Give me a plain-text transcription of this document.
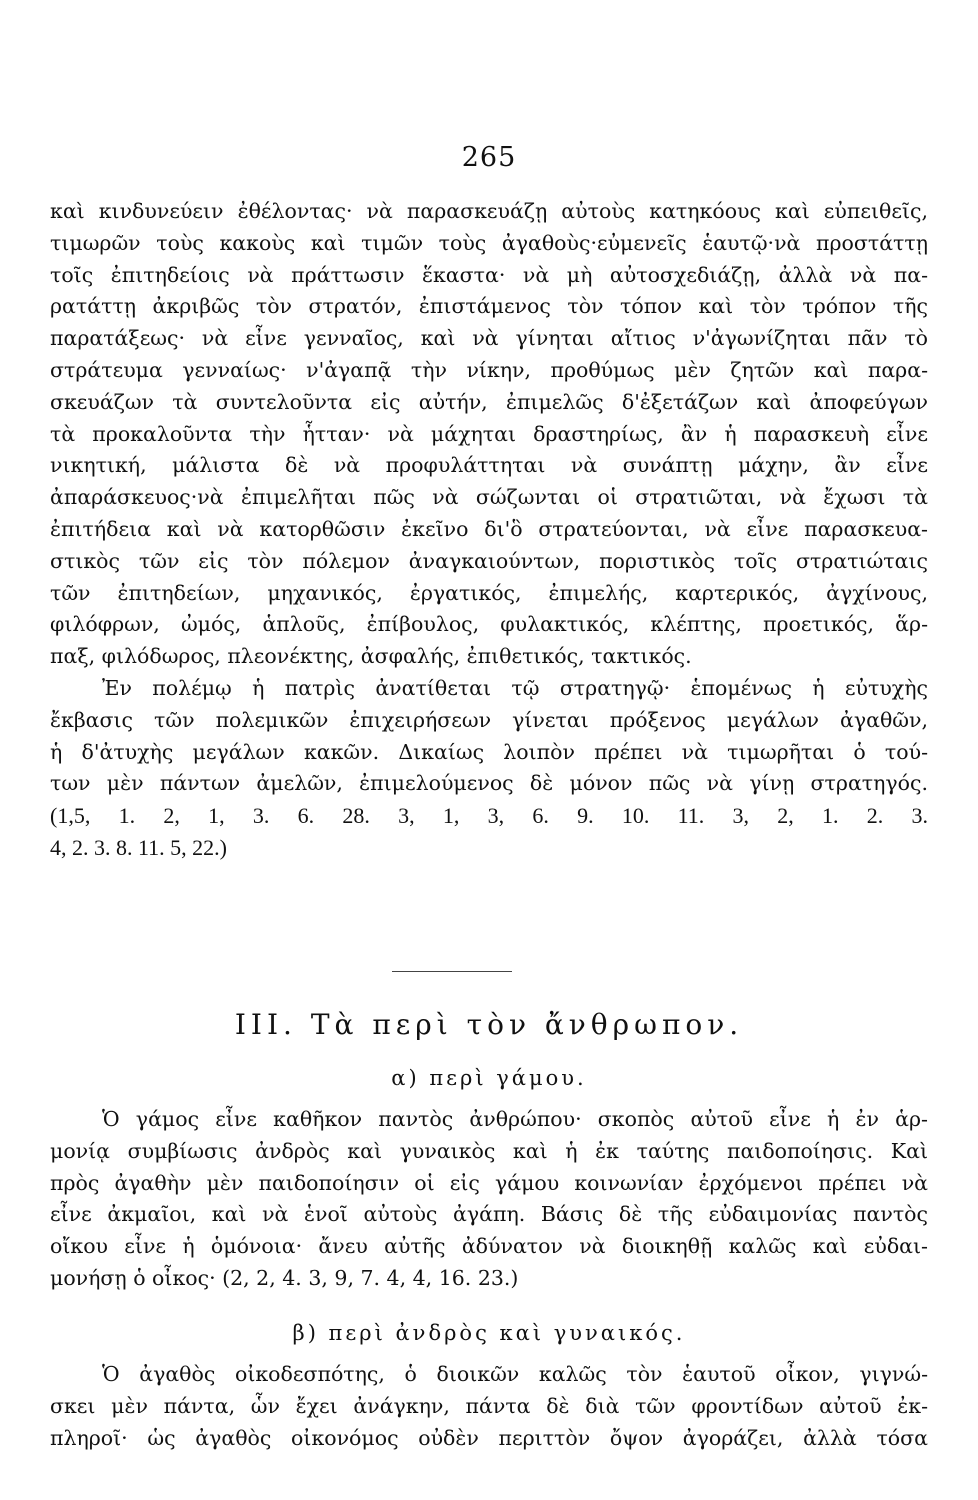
265
καὶ κινδυνεύειν ἐθέλοντας· νὰ παρασκευάζῃ αὐτοὺς κατηκόους καὶ εὐπειθεῖς,
τιμωρῶν τοὺς κακοὺς καὶ τιμῶν τοὺς ἀγαθοὺς·εὐμενεῖς ἑαυτῷ·νὰ προστάττῃ
τοῖς ἐπιτηδείοις νὰ πράττωσιν ἕκαστα· νὰ μὴ αὐτοσχεδιάζῃ, ἀλλὰ νὰ πα-
ρατάττῃ ἀκριβῶς τὸν στρατόν, ἐπιστάμενος τὸν τόπον καὶ τὸν τρόπον τῆς
παρατάξεως· νὰ εἶνε γενναῖος, καὶ νὰ γίνηται αἴτιος ν'ἀγωνίζηται πᾶν τὸ
στράτευμα γενναίως· ν'ἀγαπᾷ τὴν νίκην, προθύμως μὲν ζητῶν καὶ παρα-
σκευάζων τὰ συντελοῦντα εἰς αὐτήν, ἐπιμελῶς δ'ἐξετάζων καὶ ἀποφεύγων
τὰ προκαλοῦντα τὴν ἧτταν· νὰ μάχηται δραστηρίως, ἂν ἡ παρασκευὴ εἶνε
νικητική, μάλιστα δὲ νὰ προφυλάττηται νὰ συνάπτῃ μάχην, ἂν εἶνε
ἀπαράσκευος·νὰ ἐπιμελῆται πῶς νὰ σώζωνται οἱ στρατιῶται, νὰ ἔχωσι τὰ
ἐπιτήδεια καὶ νὰ κατορθῶσιν ἐκεῖνο δι'ὃ στρατεύονται, νὰ εἶνε παρασκευα-
στικὸς τῶν εἰς τὸν πόλεμον ἀναγκαιούντων, ποριστικὸς τοῖς στρατιώταις
τῶν ἐπιτηδείων, μηχανικός, ἐργατικός, ἐπιμελής, καρτερικός, ἀγχίνους,
φιλόφρων, ὠμός, ἁπλοῦς, ἐπίβουλος, φυλακτικός, κλέπτης, προετικός, ἅρ-
παξ, φιλόδωρος, πλεονέκτης, ἀσφαλής, ἐπιθετικός, τακτικός.
Ἐν πολέμῳ ἡ πατρὶς ἀνατίθεται τῷ στρατηγῷ· ἑπομένως ἡ εὐτυχὴς
ἔκβασις τῶν πολεμικῶν ἐπιχειρήσεων γίνεται πρόξενος μεγάλων ἀγαθῶν,
ἡ δ'ἀτυχὴς μεγάλων κακῶν. Δικαίως λοιπὸν πρέπει νὰ τιμωρῆται ὁ τού-
των μὲν πάντων ἀμελῶν, ἐπιμελούμενος δὲ μόνον πῶς νὰ γίνῃ στρατηγός.
(1,5, 1. 2, 1, 3. 6. 28. 3, 1, 3, 6. 9. 10. 11. 3, 2, 1. 2. 3.
4, 2. 3. 8. 11. 5, 22.)
ΙΙΙ. Τὰ περὶ τὸν ἄνθρωπον.
α) περὶ γάμου.
Ὁ γάμος εἶνε καθῆκον παντὸς ἀνθρώπου· σκοπὸς αὐτοῦ εἶνε ἡ ἐν ἁρ-
μονίᾳ συμβίωσις ἀνδρὸς καὶ γυναικὸς καὶ ἡ ἐκ ταύτης παιδοποίησις. Καὶ
πρὸς ἀγαθὴν μὲν παιδοποίησιν οἱ εἰς γάμου κοινωνίαν ἐρχόμενοι πρέπει νὰ
εἶνε ἀκμαῖοι, καὶ νὰ ἑνοῖ αὐτοὺς ἀγάπη. Βάσις δὲ τῆς εὐδαιμονίας παντὸς
οἴκου εἶνε ἡ ὁμόνοια· ἄνευ αὐτῆς ἀδύνατον νὰ διοικηθῇ καλῶς καὶ εὐδαι-
μονήσῃ ὁ οἶκος· (2, 2, 4. 3, 9, 7. 4, 4, 16. 23.)
β) περὶ ἀνδρὸς καὶ γυναικός.
Ὁ ἀγαθὸς οἰκοδεσπότης, ὁ διοικῶν καλῶς τὸν ἑαυτοῦ οἶκον, γιγνώ-
σκει μὲν πάντα, ὧν ἔχει ἀνάγκην, πάντα δὲ διὰ τῶν φροντίδων αὐτοῦ ἐκ-
πληροῖ· ὡς ἀγαθὸς οἰκονόμος οὐδὲν περιττὸν ὄψον ἀγοράζει, ἀλλὰ τόσα
